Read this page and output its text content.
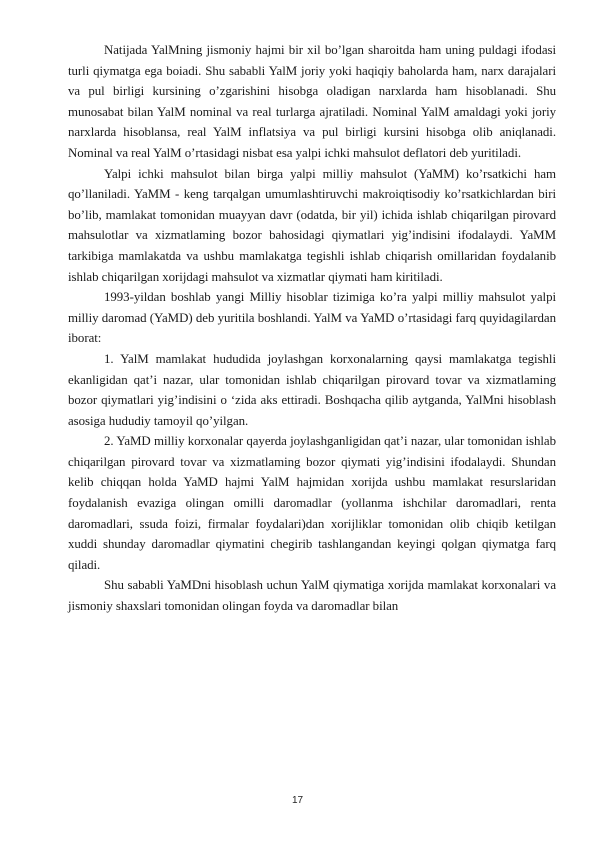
Natijada YalMning jismoniy hajmi bir xil bo’lgan sharoitda ham uning puldagi ifodasi turli qiymatga ega boiadi. Shu sababli YalM joriy yoki haqiqiy baholarda ham, narx darajalari va pul birligi kursining o’zgarishini hisobga oladigan narxlarda ham hisoblanadi. Shu munosabat bilan YalM nominal va real turlarga ajratiladi. Nominal YalM amaldagi yoki joriy narxlarda hisoblansa, real YalM inflatsiya va pul birligi kursini hisobga olib aniqlanadi. Nominal va real YalM o’rtasidagi nisbat esa yalpi ichki mahsulot deflatori deb yuritiladi.

Yalpi ichki mahsulot bilan birga yalpi milliy mahsulot (YaMM) ko’rsatkichi ham qo’llaniladi. YaMM - keng tarqalgan umumlashtiruvchi makroiqtisodiy ko’rsatkichlardan biri bo’lib, mamlakat tomonidan muayyan davr (odatda, bir yil) ichida ishlab chiqarilgan pirovard mahsulotlar va xizmatlaming bozor bahosidagi qiymatlari yig’indisini ifodalaydi. YaMM tarkibiga mamlakatda va ushbu mamlakatga tegishli ishlab chiqarish omillaridan foydalanib ishlab chiqarilgan xorijdagi mahsulot va xizmatlar qiymati ham kiritiladi.

1993-yildan boshlab yangi Milliy hisoblar tizimiga ko’ra yalpi milliy mahsulot yalpi milliy daromad (YaMD) deb yuritila boshlandi. YalM va YaMD o’rtasidagi farq quyidagilardan iborat:

1. YalM mamlakat hududida joylashgan korxonalarning qaysi mamlakatga tegishli ekanligidan qat’i nazar, ular tomonidan ishlab chiqarilgan pirovard tovar va xizmatlaming bozor qiymatlari yig’indisini o ‘zida aks ettiradi. Boshqacha qilib aytganda, YalMni hisoblash asosiga hududiy tamoyil qo’yilgan.

2. YaMD milliy korxonalar qayerda joylashganligidan qat’i nazar, ular tomonidan ishlab chiqarilgan pirovard tovar va xizmatlaming bozor qiymati yig’indisini ifodalaydi. Shundan kelib chiqqan holda YaMD hajmi YalM hajmidan xorijda ushbu mamlakat resurslaridan foydalanish evaziga olingan omilli daromadlar (yollanma ishchilar daromadlari, renta daromadlari, ssuda foizi, firmalar foydalari)dan xorijliklar tomonidan olib chiqib ketilgan xuddi shunday daromadlar qiymatini chegirib tashlangandan keyingi qolgan qiymatga farq qiladi.

Shu sababli YaMDni hisoblash uchun YalM qiymatiga xorijda mamlakat korxonalari va jismoniy shaxslari tomonidan olingan foyda va daromadlar bilan

17
